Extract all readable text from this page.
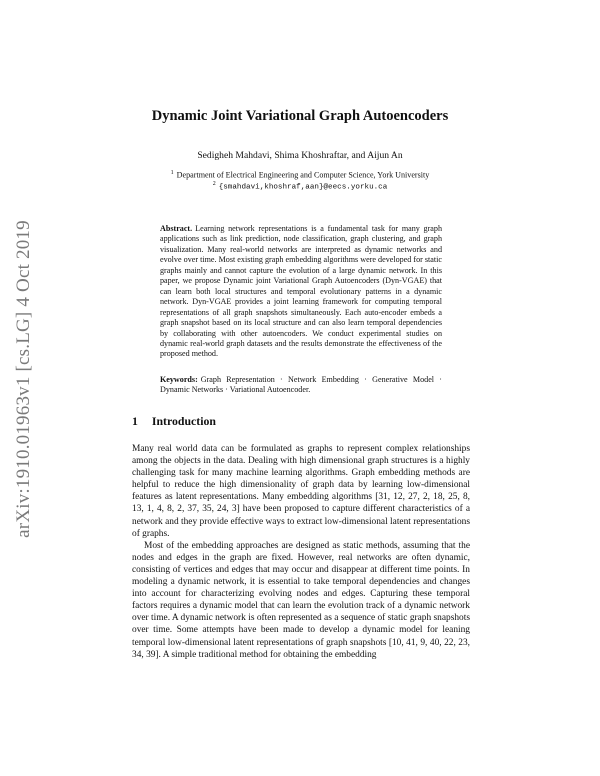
arXiv:1910.01963v1 [cs.LG] 4 Oct 2019
Dynamic Joint Variational Graph Autoencoders
Sedigheh Mahdavi, Shima Khoshraftar, and Aijun An
$^1$ Department of Electrical Engineering and Computer Science, York University
$^2$ {smahdavi,khoshraf,aan}@eecs.yorku.ca
Abstract. Learning network representations is a fundamental task for many graph applications such as link prediction, node classification, graph clustering, and graph visualization. Many real-world networks are interpreted as dynamic networks and evolve over time. Most existing graph embedding algorithms were developed for static graphs mainly and cannot capture the evolution of a large dynamic network. In this paper, we propose Dynamic joint Variational Graph Autoencoders (Dyn-VGAE) that can learn both local structures and temporal evolutionary patterns in a dynamic network. Dyn-VGAE provides a joint learning framework for computing temporal representations of all graph snapshots simultaneously. Each auto-encoder embeds a graph snapshot based on its local structure and can also learn temporal dependencies by collaborating with other autoencoders. We conduct experimental studies on dynamic real-world graph datasets and the results demonstrate the effectiveness of the proposed method.
Keywords: Graph Representation · Network Embedding · Generative Model · Dynamic Networks · Variational Autoencoder.
1 Introduction

Many real world data can be formulated as graphs to represent complex relationships among the objects in the data. Dealing with high dimensional graph structures is a highly challenging task for many machine learning algorithms. Graph embedding methods are helpful to reduce the high dimensionality of graph data by learning low-dimensional features as latent representations. Many embedding algorithms [31, 12, 27, 2, 18, 25, 8, 13, 1, 4, 8, 2, 37, 35, 24, 3] have been proposed to capture different characteristics of a network and they provide effective ways to extract low-dimensional latent representations of graphs.

Most of the embedding approaches are designed as static methods, assuming that the nodes and edges in the graph are fixed. However, real networks are often dynamic, consisting of vertices and edges that may occur and disappear at different time points. In modeling a dynamic network, it is essential to take temporal dependencies and changes into account for characterizing evolving nodes and edges. Capturing these temporal factors requires a dynamic model that can learn the evolution track of a dynamic network over time. A dynamic network is often represented as a sequence of static graph snapshots over time. Some attempts have been made to develop a dynamic model for leaning temporal low-dimensional latent representations of graph snapshots [10, 41, 9, 40, 22, 23, 34, 39]. A simple traditional method for obtaining the embedding
